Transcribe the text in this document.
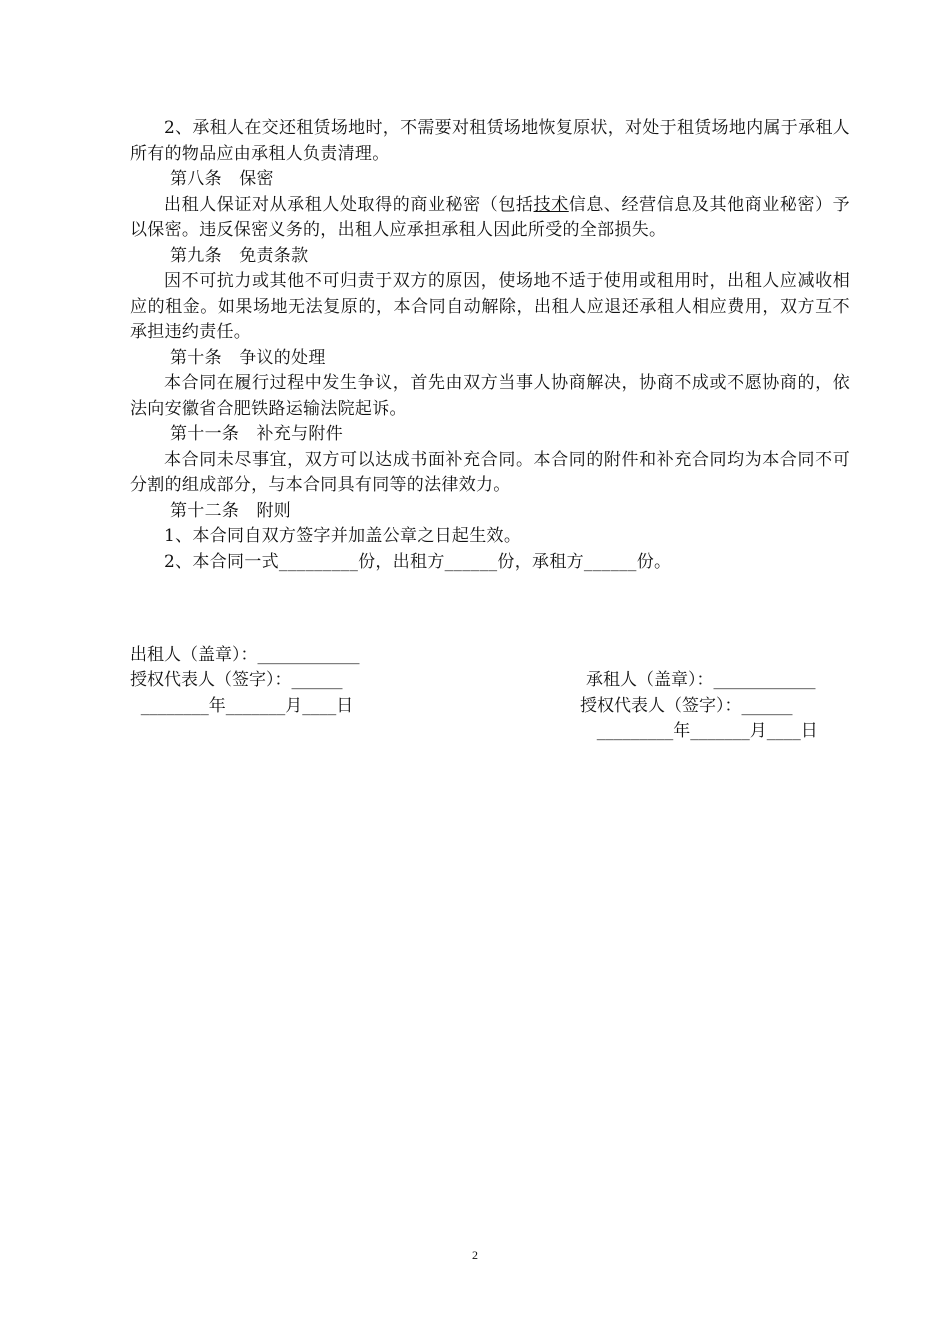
2、承租人在交还租赁场地时，不需要对租赁场地恢复原状，对处于租赁场地内属于承租人所有的物品应由承租人负责清理。

第八条　保密

出租人保证对从承租人处取得的商业秘密（包括技术信息、经营信息及其他商业秘密）予以保密。违反保密义务的，出租人应承担承租人因此所受的全部损失。

第九条　免责条款

因不可抗力或其他不可归责于双方的原因，使场地不适于使用或租用时，出租人应减收相应的租金。如果场地无法复原的，本合同自动解除，出租人应退还承租人相应费用，双方互不承担违约责任。

第十条　争议的处理

本合同在履行过程中发生争议，首先由双方当事人协商解决，协商不成或不愿协商的，依法向安徽省合肥铁路运输法院起诉。

第十一条　补充与附件

本合同未尽事宜，双方可以达成书面补充合同。本合同的附件和补充合同均为本合同不可分割的组成部分，与本合同具有同等的法律效力。

第十二条　附则

1、本合同自双方签字并加盖公章之日起生效。

2、本合同一式_________份，出租方______份，承租方______份。

出租人（盖章）：____________

承租人（盖章）：____________

授权代表人（签字）：______

授权代表人（签字）：______

________年_______月____日

_________年_______月____日

2
